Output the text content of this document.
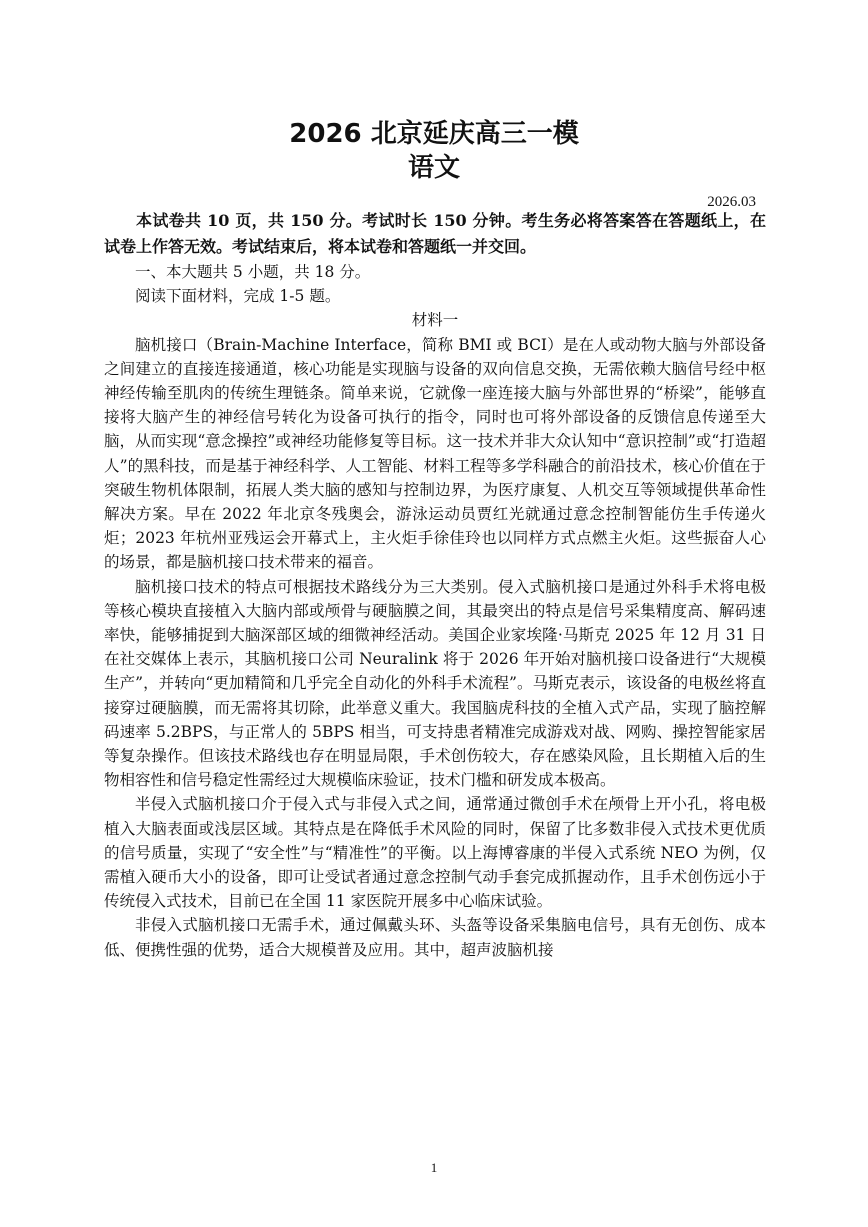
2026 北京延庆高三一模
语文
2026.03

本试卷共 10 页，共 150 分。考试时长 150 分钟。考生务必将答案答在答题纸上，在试卷上作答无效。考试结束后，将本试卷和答题纸一并交回。

一、本大题共 5 小题，共 18 分。

阅读下面材料，完成 1-5 题。

材料一

脑机接口（Brain-Machine Interface，简称 BMI 或 BCI）是在人或动物大脑与外部设备之间建立的直接连接通道，核心功能是实现脑与设备的双向信息交换，无需依赖大脑信号经中枢神经传输至肌肉的传统生理链条。简单来说，它就像一座连接大脑与外部世界的“桥梁”，能够直接将大脑产生的神经信号转化为设备可执行的指令，同时也可将外部设备的反馈信息传递至大脑，从而实现“意念操控”或神经功能修复等目标。这一技术并非大众认知中“意识控制”或“打造超人”的黑科技，而是基于神经科学、人工智能、材料工程等多学科融合的前沿技术，核心价值在于突破生物机体限制，拓展人类大脑的感知与控制边界，为医疗康复、人机交互等领域提供革命性解决方案。早在 2022 年北京冬残奥会，游泳运动员贾红光就通过意念控制智能仿生手传递火炬；2023 年杭州亚残运会开幕式上，主火炬手徐佳玲也以同样方式点燃主火炬。这些振奋人心的场景，都是脑机接口技术带来的福音。

脑机接口技术的特点可根据技术路线分为三大类别。侵入式脑机接口是通过外科手术将电极等核心模块直接植入大脑内部或颅骨与硬脑膜之间，其最突出的特点是信号采集精度高、解码速率快，能够捕捉到大脑深部区域的细微神经活动。美国企业家埃隆·马斯克 2025 年 12 月 31 日在社交媒体上表示，其脑机接口公司 Neuralink 将于 2026 年开始对脑机接口设备进行“大规模生产”，并转向“更加精简和几乎完全自动化的外科手术流程”。马斯克表示，该设备的电极丝将直接穿过硬脑膜，而无需将其切除，此举意义重大。我国脑虎科技的全植入式产品，实现了脑控解码速率 5.2BPS，与正常人的 5BPS 相当，可支持患者精准完成游戏对战、网购、操控智能家居等复杂操作。但该技术路线也存在明显局限，手术创伤较大，存在感染风险，且长期植入后的生物相容性和信号稳定性需经过大规模临床验证，技术门槛和研发成本极高。

半侵入式脑机接口介于侵入式与非侵入式之间，通常通过微创手术在颅骨上开小孔，将电极植入大脑表面或浅层区域。其特点是在降低手术风险的同时，保留了比多数非侵入式技术更优质的信号质量，实现了“安全性”与“精准性”的平衡。以上海博睿康的半侵入式系统 NEO 为例，仅需植入硬币大小的设备，即可让受试者通过意念控制气动手套完成抓握动作，且手术创伤远小于传统侵入式技术，目前已在全国 11 家医院开展多中心临床试验。

非侵入式脑机接口无需手术，通过佩戴头环、头盔等设备采集脑电信号，具有无创伤、成本低、便携性强的优势，适合大规模普及应用。其中，超声波脑机接

1
